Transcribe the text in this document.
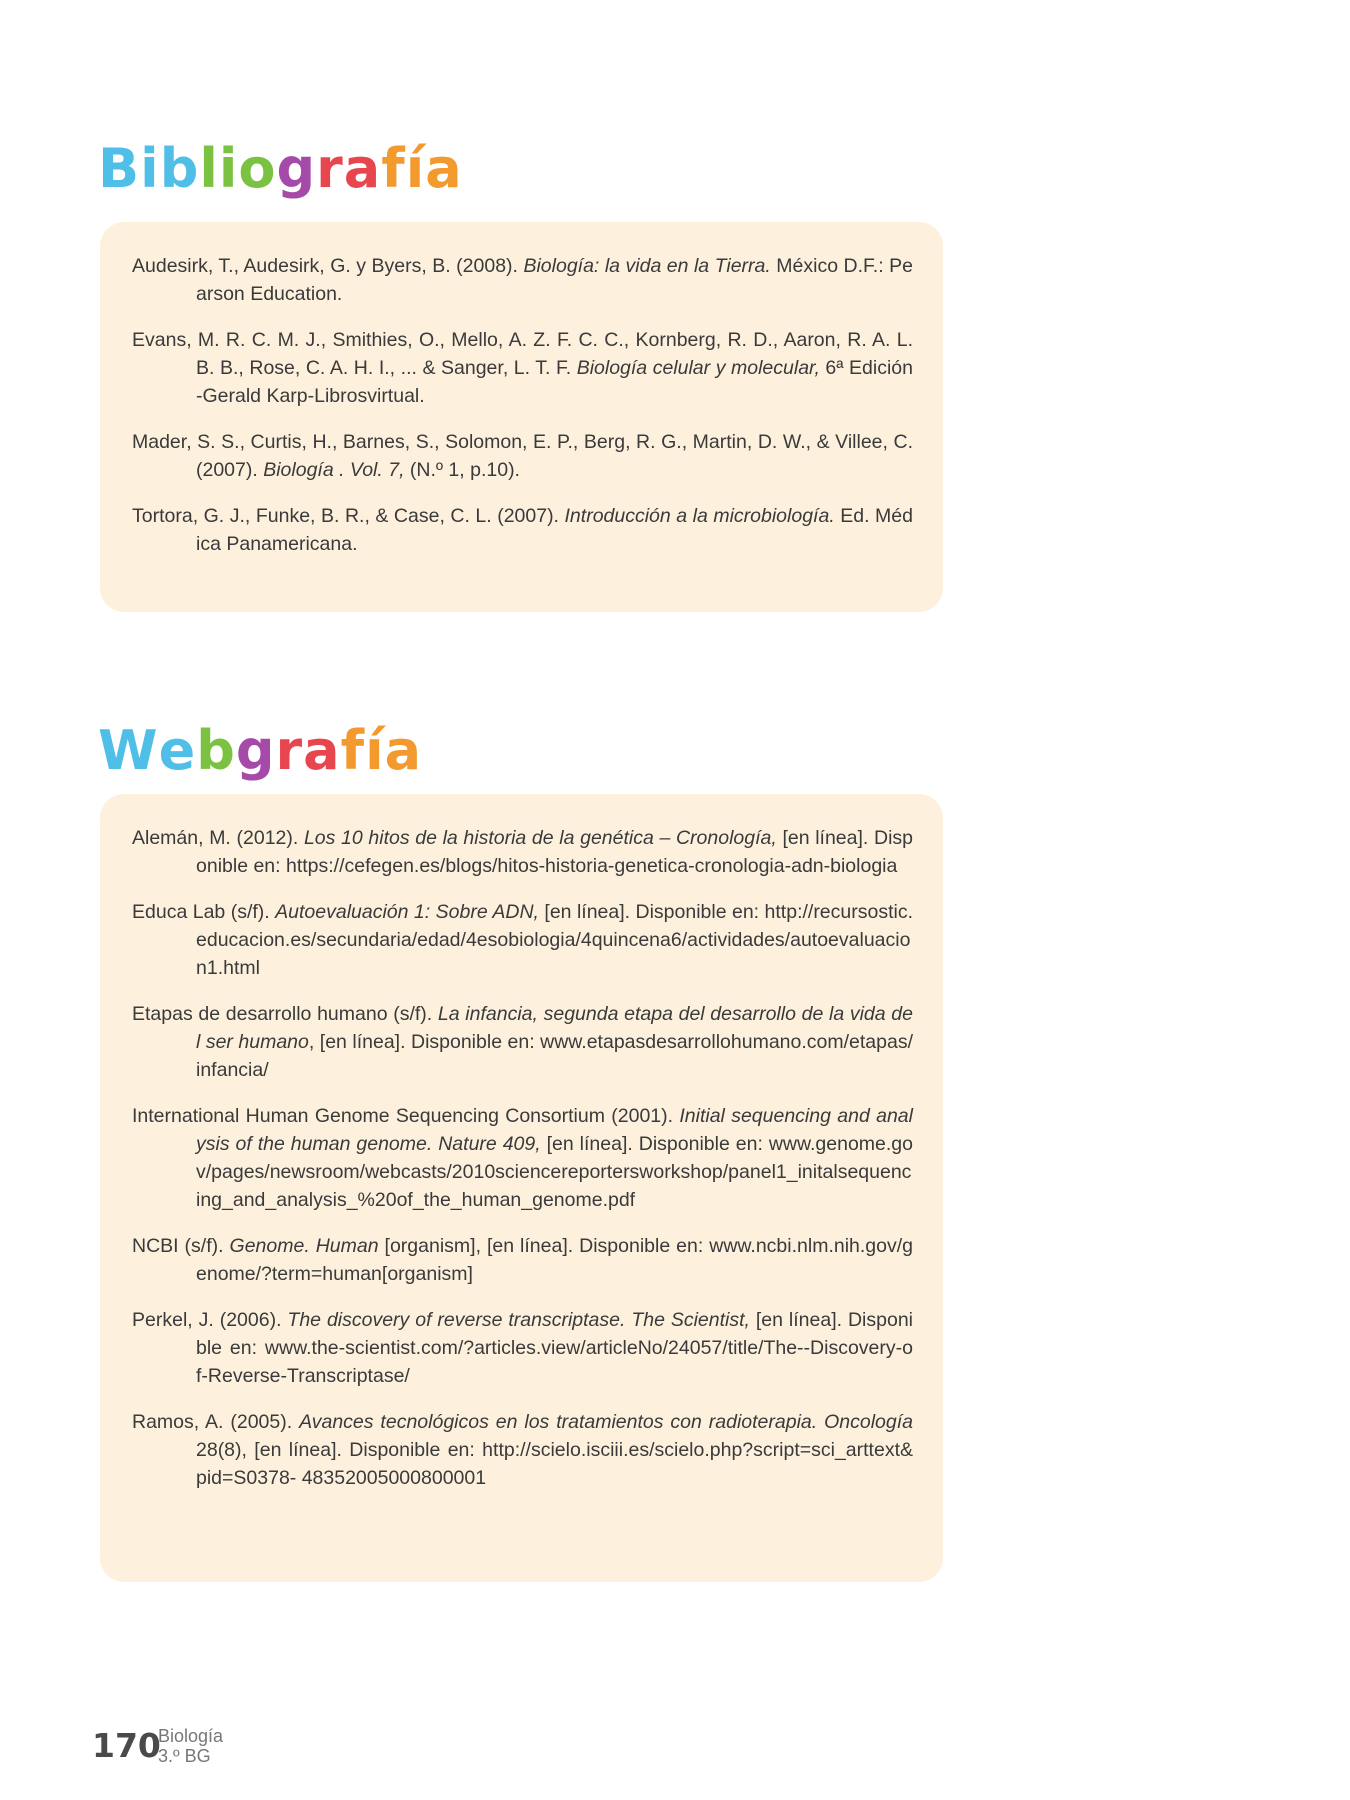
Bibliografía

Audesirk, T., Audesirk, G. y Byers, B. (2008). Biología: la vida en la Tierra. México D.F.: Pearson Education.

Evans, M. R. C. M. J., Smithies, O., Mello, A. Z. F. C. C., Kornberg, R. D., Aaron, R. A. L. B. B., Rose, C. A. H. I., ... & Sanger, L. T. F. Biología celular y molecular, 6ª Edición-Gerald Karp-Librosvirtual.

Mader, S. S., Curtis, H., Barnes, S., Solomon, E. P., Berg, R. G., Martin, D. W., & Villee, C. (2007). Biología . Vol. 7, (N.º 1, p.10).

Tortora, G. J., Funke, B. R., & Case, C. L. (2007). Introducción a la microbiología. Ed. Médica Panamericana.

Webgrafía

Alemán, M. (2012). Los 10 hitos de la historia de la genética – Cronología, [en línea]. Disponible en: https://cefegen.es/blogs/hitos-historia-genetica-cronologia-adn-biologia

Educa Lab (s/f). Autoevaluación 1: Sobre ADN, [en línea]. Disponible en: http://recursostic.educacion.es/secundaria/edad/4esobiologia/4quincena6/actividades/autoevaluacion1.html

Etapas de desarrollo humano (s/f). La infancia, segunda etapa del desarrollo de la vida del ser humano, [en línea]. Disponible en: www.etapasdesarrollohumano.com/etapas/infancia/

International Human Genome Sequencing Consortium (2001). Initial sequencing and analysis of the human genome. Nature 409, [en línea]. Disponible en: www.genome.gov/pages/newsroom/webcasts/2010sciencereportersworkshop/panel1_initalsequencing_and_analysis_%20of_the_human_genome.pdf

NCBI (s/f). Genome. Human [organism], [en línea]. Disponible en: www.ncbi.nlm.nih.gov/genome/?term=human[organism]

Perkel, J. (2006). The discovery of reverse transcriptase. The Scientist, [en línea]. Disponible en: www.the-scientist.com/?articles.view/articleNo/24057/title/The--Discovery-of-Reverse-Transcriptase/

Ramos, A. (2005). Avances tecnológicos en los tratamientos con radioterapia. Oncología 28(8), [en línea]. Disponible en: http://scielo.isciii.es/scielo.php?script=sci_arttext&pid=S0378- 48352005000800001

170
Biología
3.º BG
